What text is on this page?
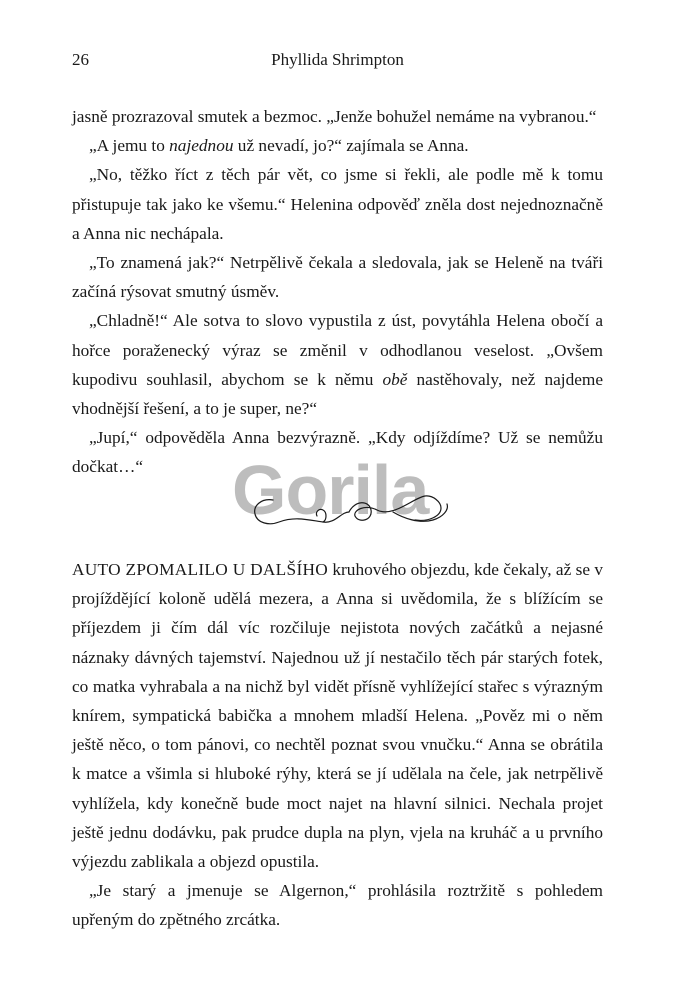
26	Phyllida Shrimpton

jasně prozrazoval smutek a bezmoc. „Jenže bohužel nemáme na vybranou.“

„A jemu to najednou už nevadí, jo?“ zajímala se Anna.

„No, těžko říct z těch pár vět, co jsme si řekli, ale podle mě k tomu přistupuje tak jako ke všemu.“ Helenina odpověď zněla dost nejednoznačně a Anna nic nechápala.

„To znamená jak?“ Netrpělivě čekala a sledovala, jak se Heleně na tváři začíná rýsovat smutný úsměv.

„Chladně!“ Ale sotva to slovo vypustila z úst, povytáhla Helena obočí a hořce poraženecký výraz se změnil v odhodlanou veselost. „Ovšem kupodivu souhlasil, abychom se k němu obě nastěhovaly, než najdeme vhodnější řešení, a to je super, ne?“

„Jupí,“ odpověděla Anna bezvýrazně. „Kdy odjíždíme? Už se nemůžu dočkat…“	Gorila

AUTO ZPOMALILO U DALŠÍHO kruhového objezdu, kde čekaly, až se v projíždějící koloně udělá mezera, a Anna si uvědomila, že s blížícím se příjezdem ji čím dál víc rozčiluje nejistota nových začátků a nejasné náznaky dávných tajemství. Najednou už jí nestačilo těch pár starých fotek, co matka vyhrabala a na nichž byl vidět přísně vyhlížející stařec s výrazným knírem, sympatická babička a mnohem mladší Helena. „Pověz mi o něm ještě něco, o tom pánovi, co nechtěl poznat svou vnučku.“ Anna se obrátila k matce a všimla si hluboké rýhy, která se jí udělala na čele, jak netrpělivě vyhlížela, kdy konečně bude moct najet na hlavní silnici. Nechala projet ještě jednu dodávku, pak prudce dupla na plyn, vjela na kruháč a u prvního výjezdu zablikala a objezd opustila.

„Je starý a jmenuje se Algernon,“ prohlásila roztržitě s pohledem upřeným do zpětného zrcátka.
